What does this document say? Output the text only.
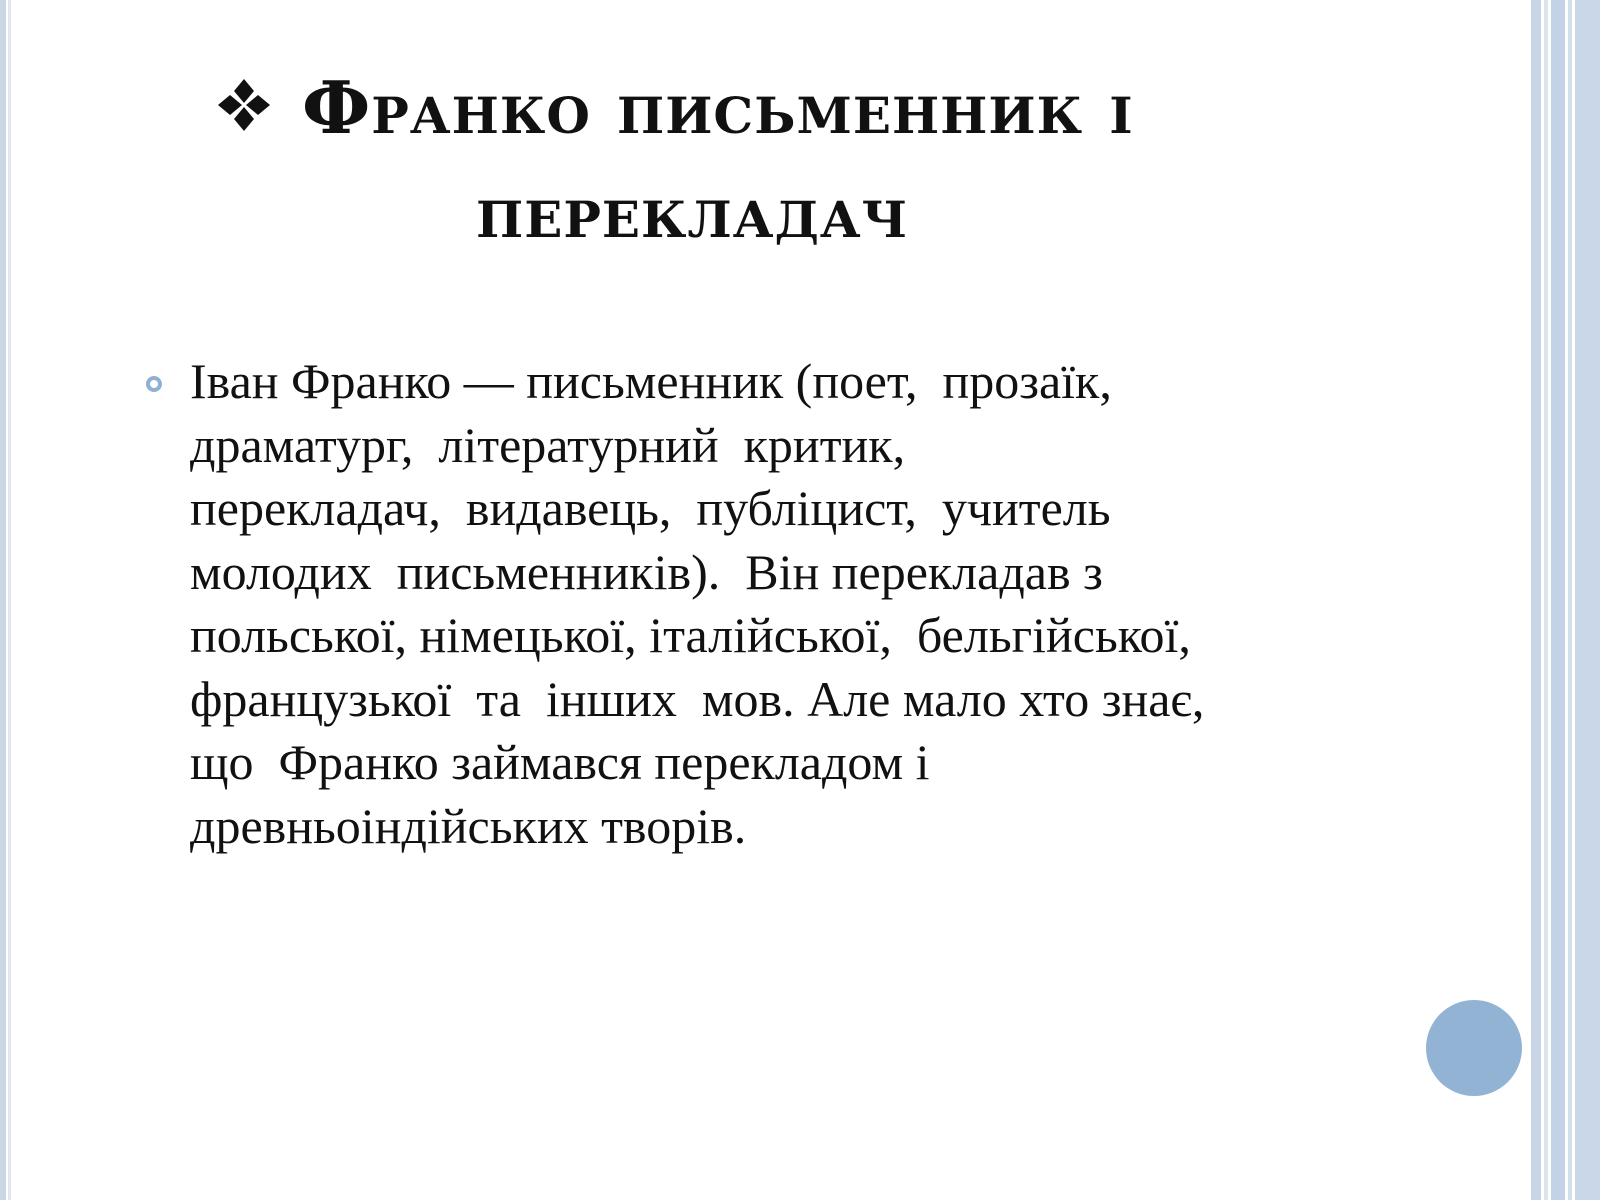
Франко письменник і
перекладач

Іван Франко — письменник (поет,  прозаїк,
драматург,  літературний  критик,
перекладач,  видавець,  публіцист,  учитель
молодих  письменників).  Він перекладав з
польської, німецької, італійської,  бельгійської,
французької  та  інших  мов. Але мало хто знає,
що  Франко займався перекладом і
древньоіндійських творів.
